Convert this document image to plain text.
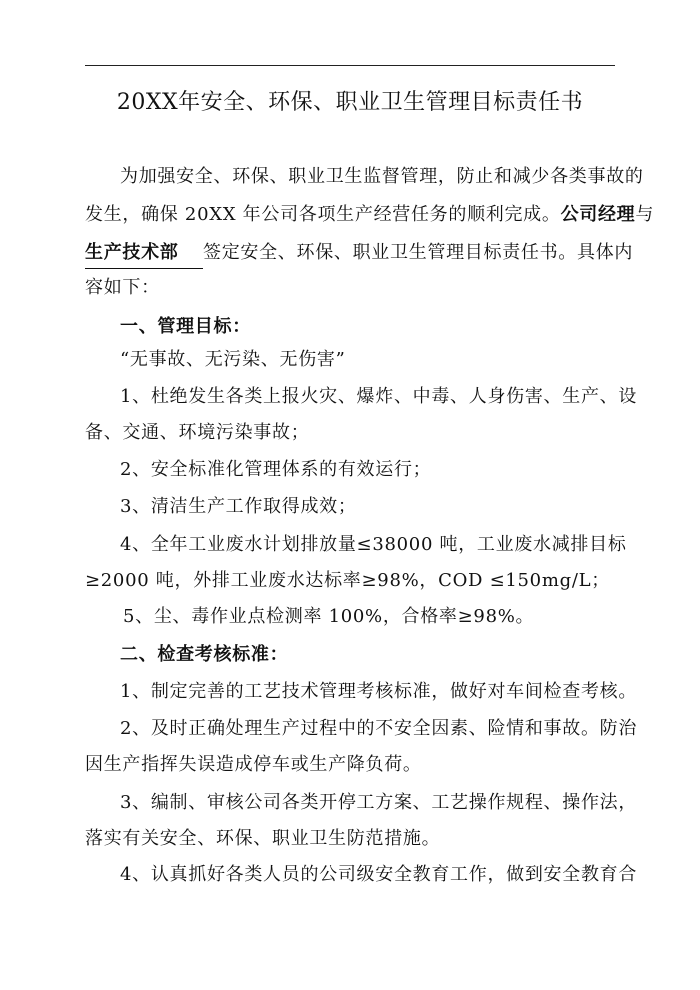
20XX年安全、环保、职业卫生管理目标责任书
为加强安全、环保、职业卫生监督管理，防止和减少各类事故的
发生，确保 20XX 年公司各项生产经营任务的顺利完成。公司经理与
生产技术部 签定安全、环保、职业卫生管理目标责任书。具体内
容如下：
一、管理目标：
“无事故、无污染、无伤害”
1、杜绝发生各类上报火灾、爆炸、中毒、人身伤害、生产、设
备、交通、环境污染事故；
2、安全标准化管理体系的有效运行；
3、清洁生产工作取得成效；
4、全年工业废水计划排放量≤38000 吨，工业废水减排目标
≥2000 吨，外排工业废水达标率≥98%，COD ≤150mg/L；
5、尘、毒作业点检测率 100%，合格率≥98%。
二、检查考核标准：
1、制定完善的工艺技术管理考核标准，做好对车间检查考核。
2、及时正确处理生产过程中的不安全因素、险情和事故。防治
因生产指挥失误造成停车或生产降负荷。
3、编制、审核公司各类开停工方案、工艺操作规程、操作法，
落实有关安全、环保、职业卫生防范措施。
4、认真抓好各类人员的公司级安全教育工作，做到安全教育合
